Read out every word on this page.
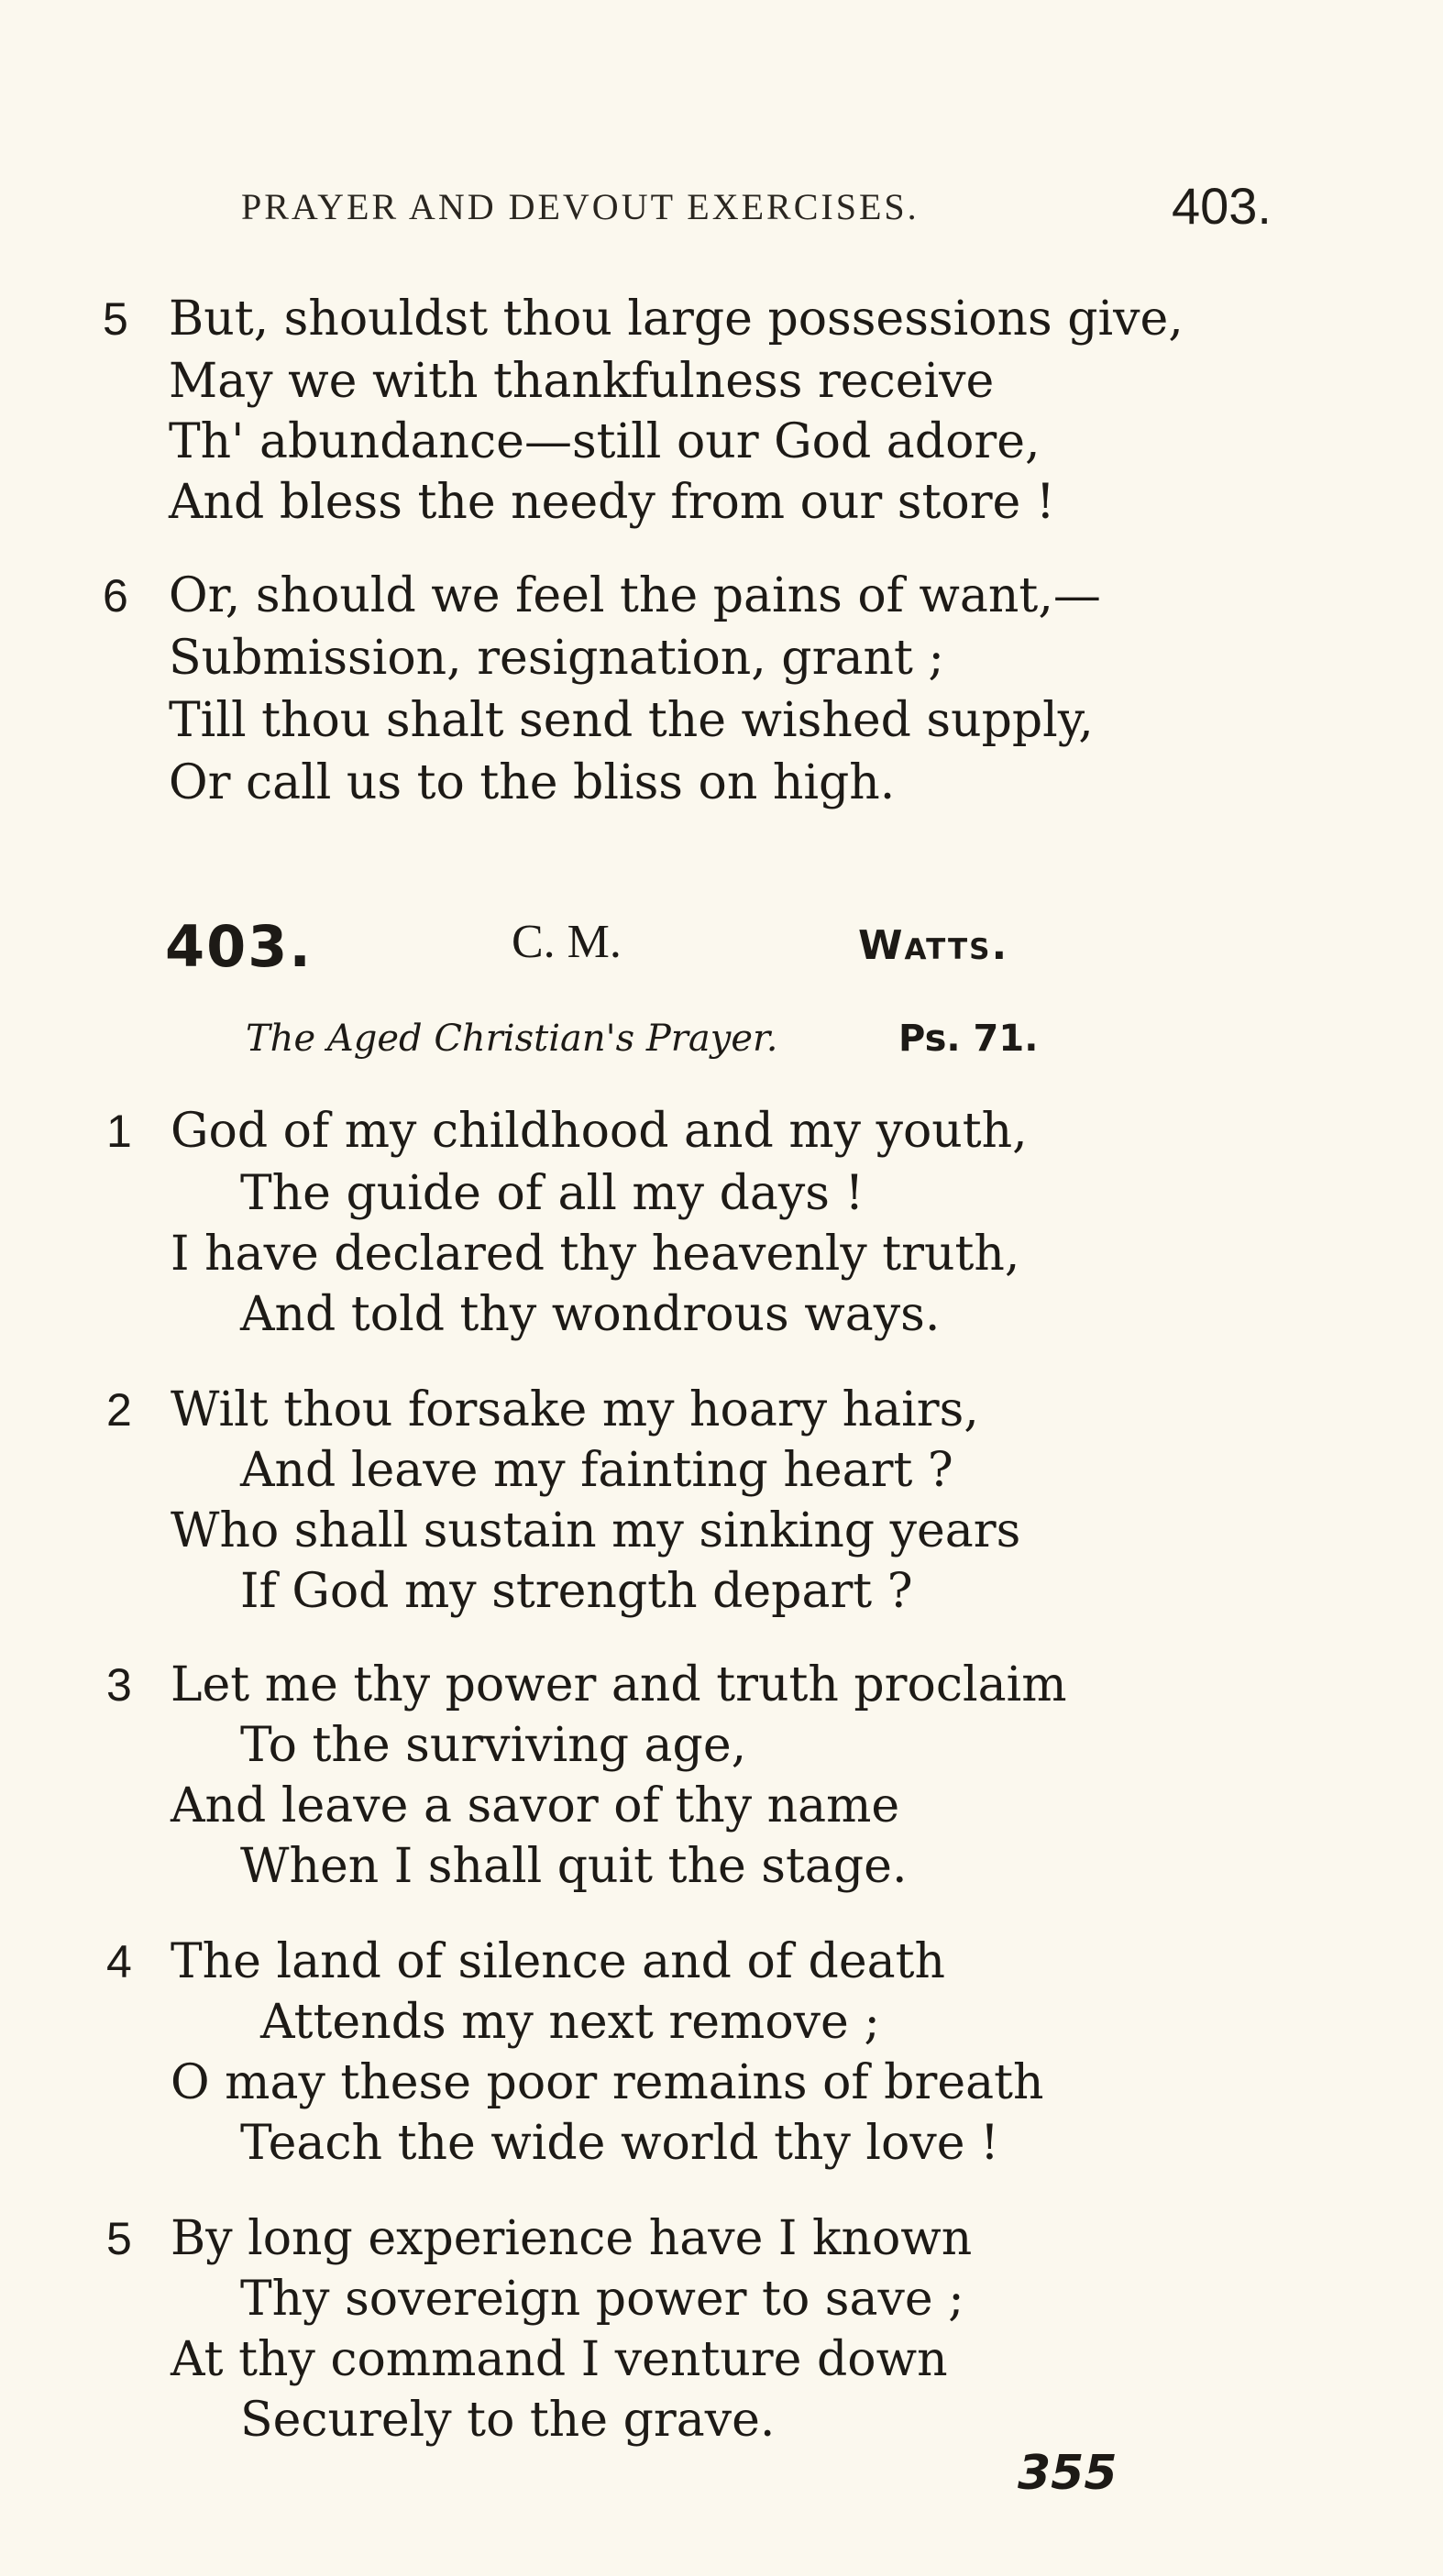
PRAYER AND DEVOUT EXERCISES.	403.
5 But, shouldst thou large possessions give,
May we with thankfulness receive
Th' abundance—still our God adore,
And bless the needy from our store !
6 Or, should we feel the pains of want,—
Submission, resignation, grant ;
Till thou shalt send the wished supply,
Or call us to the bliss on high.
403.	C. M.	Watts.
The Aged Christian's Prayer.	Ps. 71.
1 God of my childhood and my youth,
The guide of all my days !
I have declared thy heavenly truth,
And told thy wondrous ways.
2 Wilt thou forsake my hoary hairs,
And leave my fainting heart ?
Who shall sustain my sinking years
If God my strength depart ?
3 Let me thy power and truth proclaim
To the surviving age,
And leave a savor of thy name
When I shall quit the stage.
4 The land of silence and of death
Attends my next remove ;
O may these poor remains of breath
Teach the wide world thy love !
5 By long experience have I known
Thy sovereign power to save ;
At thy command I venture down
Securely to the grave.
355
